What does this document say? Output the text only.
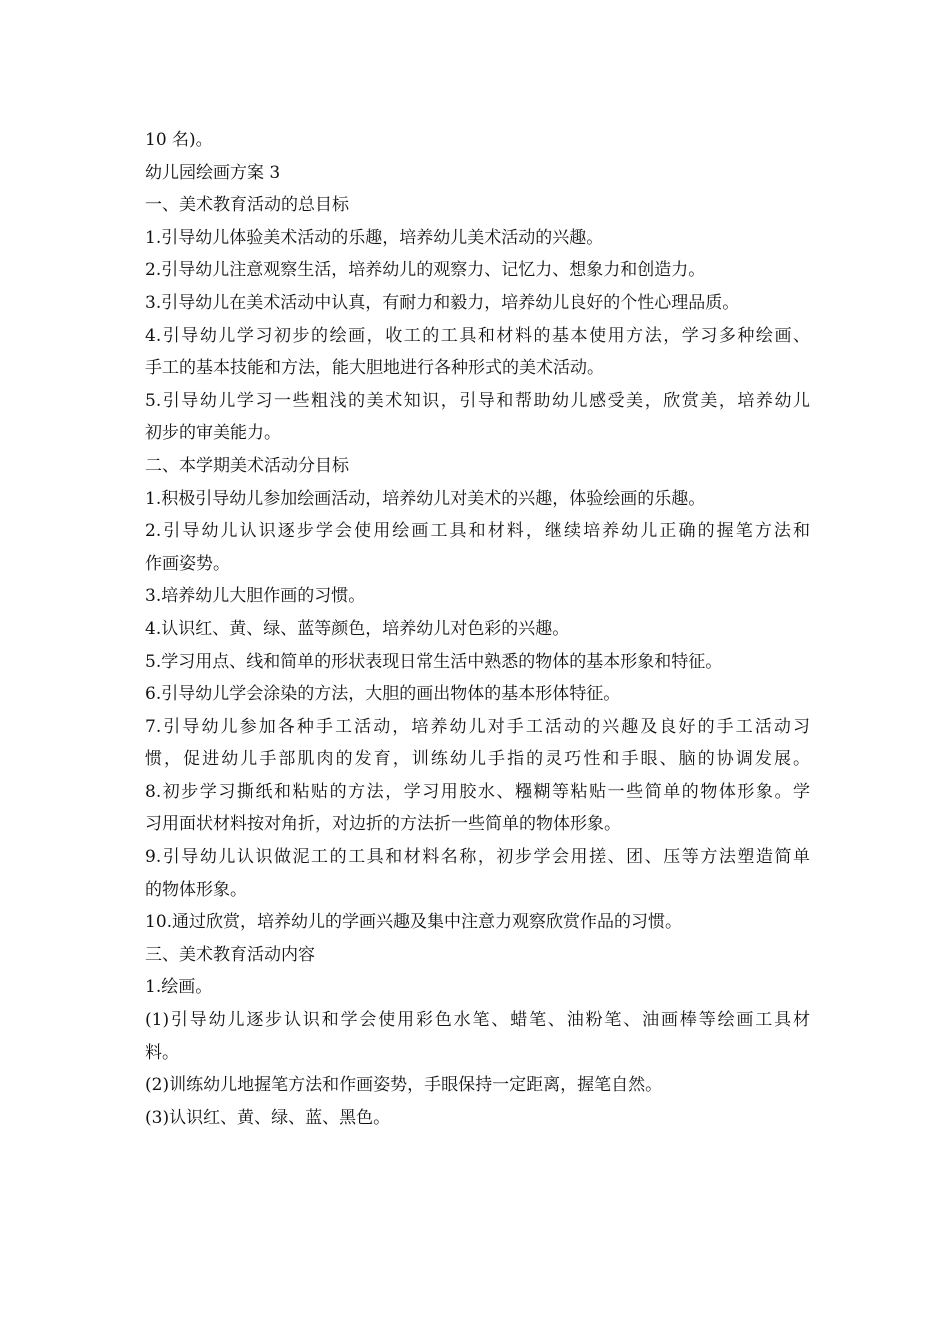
10 名)。
幼儿园绘画方案 3
一、美术教育活动的总目标
1.引导幼儿体验美术活动的乐趣，培养幼儿美术活动的兴趣。
2.引导幼儿注意观察生活，培养幼儿的观察力、记忆力、想象力和创造力。
3.引导幼儿在美术活动中认真，有耐力和毅力，培养幼儿良好的个性心理品质。
4.引导幼儿学习初步的绘画，收工的工具和材料的基本使用方法，学习多种绘画、
手工的基本技能和方法，能大胆地进行各种形式的美术活动。
5.引导幼儿学习一些粗浅的美术知识，引导和帮助幼儿感受美，欣赏美，培养幼儿
初步的审美能力。
二、本学期美术活动分目标
1.积极引导幼儿参加绘画活动，培养幼儿对美术的兴趣，体验绘画的乐趣。
2.引导幼儿认识逐步学会使用绘画工具和材料，继续培养幼儿正确的握笔方法和
作画姿势。
3.培养幼儿大胆作画的习惯。
4.认识红、黄、绿、蓝等颜色，培养幼儿对色彩的兴趣。
5.学习用点、线和简单的形状表现日常生活中熟悉的物体的基本形象和特征。
6.引导幼儿学会涂染的方法，大胆的画出物体的基本形体特征。
7.引导幼儿参加各种手工活动，培养幼儿对手工活动的兴趣及良好的手工活动习
惯，促进幼儿手部肌肉的发育，训练幼儿手指的灵巧性和手眼、脑的协调发展。
8.初步学习撕纸和粘贴的方法，学习用胶水、糨糊等粘贴一些简单的物体形象。学
习用面状材料按对角折，对边折的方法折一些简单的物体形象。
9.引导幼儿认识做泥工的工具和材料名称，初步学会用搓、团、压等方法塑造简单
的物体形象。
10.通过欣赏，培养幼儿的学画兴趣及集中注意力观察欣赏作品的习惯。
三、美术教育活动内容
1.绘画。
(1)引导幼儿逐步认识和学会使用彩色水笔、蜡笔、油粉笔、油画棒等绘画工具材
料。
(2)训练幼儿地握笔方法和作画姿势，手眼保持一定距离，握笔自然。
(3)认识红、黄、绿、蓝、黑色。
